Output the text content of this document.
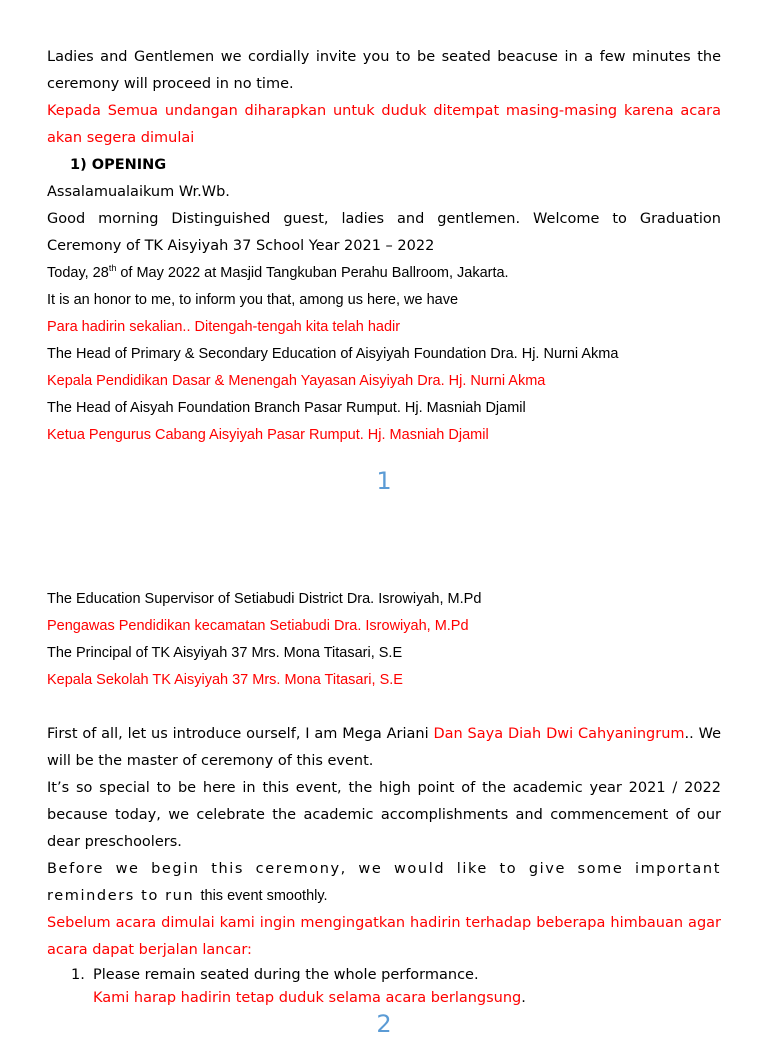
Ladies and Gentlemen we cordially invite you to be seated beacuse in a few minutes the ceremony will proceed in no time.

Kepada Semua undangan diharapkan untuk duduk ditempat masing-masing karena acara akan segera dimulai

1) OPENING

Assalamualaikum Wr.Wb.

Good morning Distinguished guest, ladies and gentlemen. Welcome to Graduation Ceremony of TK Aisyiyah 37 School Year 2021 – 2022

Today, 28th of May 2022 at Masjid Tangkuban Perahu Ballroom, Jakarta.

It is an honor to me, to inform you that, among us here, we have

Para hadirin sekalian.. Ditengah-tengah kita telah hadir

The Head of Primary & Secondary Education of Aisyiyah Foundation Dra. Hj. Nurni Akma

Kepala Pendidikan Dasar & Menengah Yayasan Aisyiyah Dra. Hj. Nurni Akma

The Head of Aisyah Foundation Branch Pasar Rumput. Hj. Masniah Djamil

Ketua Pengurus Cabang Aisyiyah Pasar Rumput. Hj. Masniah Djamil

1

The Education Supervisor of Setiabudi District Dra. Isrowiyah, M.Pd

Pengawas Pendidikan kecamatan Setiabudi Dra. Isrowiyah, M.Pd

The Principal of TK Aisyiyah 37 Mrs. Mona Titasari, S.E

Kepala Sekolah TK Aisyiyah 37 Mrs. Mona Titasari, S.E

First of all, let us introduce ourself, I am Mega Ariani Dan Saya Diah Dwi Cahyaningrum.. We will be the master of ceremony of this event.

It’s so special to be here in this event, the high point of the academic year 2021 / 2022 because today, we celebrate the academic accomplishments and commencement of our dear preschoolers.

Before we begin this ceremony, we would like to give some important reminders to run this event smoothly.

Sebelum acara dimulai kami ingin mengingatkan hadirin terhadap beberapa himbauan agar acara dapat berjalan lancar:

1. Please remain seated during the whole performance.
Kami harap hadirin tetap duduk selama acara berlangsung.
2
